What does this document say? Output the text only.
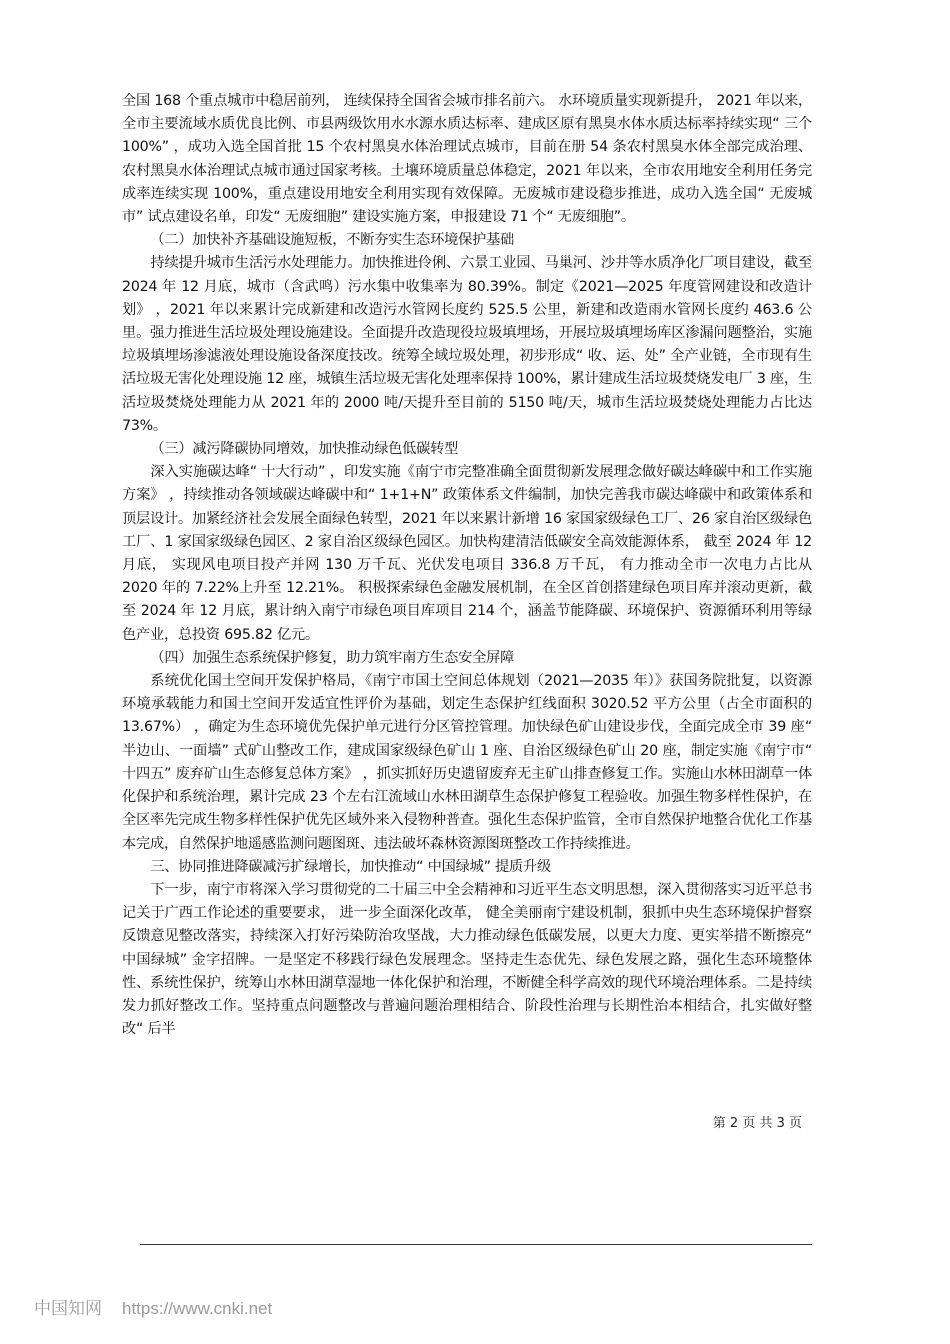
全国 168 个重点城市中稳居前列， 连续保持全国省会城市排名前六。 水环境质量实现新提升， 2021 年以来，全市主要流域水质优良比例、市县两级饮用水水源水质达标率、建成区原有黑臭水体水质达标率持续实现“ 三个 100%” ，成功入选全国首批 15 个农村黑臭水体治理试点城市，目前在册 54 条农村黑臭水体全部完成治理、农村黑臭水体治理试点城市通过国家考核。土壤环境质量总体稳定，2021 年以来，全市农用地安全利用任务完成率连续实现 100%，重点建设用地安全利用实现有效保障。无废城市建设稳步推进，成功入选全国“ 无废城市” 试点建设名单，印发“ 无废细胞” 建设实施方案，申报建设 71 个“ 无废细胞”。

（二）加快补齐基础设施短板，不断夯实生态环境保护基础

持续提升城市生活污水处理能力。加快推进伶俐、六景工业园、马巢河、沙井等水质净化厂项目建设，截至 2024 年 12 月底，城市（含武鸣）污水集中收集率为 80.39%。制定《2021—2025 年度管网建设和改造计划》 ，2021 年以来累计完成新建和改造污水管网长度约 525.5 公里，新建和改造雨水管网长度约 463.6 公里。强力推进生活垃圾处理设施建设。全面提升改造现役垃圾填埋场，开展垃圾填埋场库区渗漏问题整治，实施垃圾填埋场渗滤液处理设施设备深度技改。统筹全域垃圾处理，初步形成“ 收、运、处” 全产业链，全市现有生活垃圾无害化处理设施 12 座，城镇生活垃圾无害化处理率保持 100%，累计建成生活垃圾焚烧发电厂 3 座，生活垃圾焚烧处理能力从 2021 年的 2000 吨/天提升至目前的 5150 吨/天，城市生活垃圾焚烧处理能力占比达 73%。

（三）减污降碳协同增效，加快推动绿色低碳转型

深入实施碳达峰“ 十大行动” ，印发实施《南宁市完整准确全面贯彻新发展理念做好碳达峰碳中和工作实施方案》 ，持续推动各领域碳达峰碳中和“ 1+1+N” 政策体系文件编制，加快完善我市碳达峰碳中和政策体系和顶层设计。加紧经济社会发展全面绿色转型，2021 年以来累计新增 16 家国家级绿色工厂、26 家自治区级绿色工厂、1 家国家级绿色园区、2 家自治区级绿色园区。加快构建清洁低碳安全高效能源体系， 截至 2024 年 12 月底， 实现风电项目投产并网 130 万千瓦、光伏发电项目 336.8 万千瓦， 有力推动全市一次电力占比从 2020 年的 7.22%上升至 12.21%。 积极探索绿色金融发展机制，在全区首创搭建绿色项目库并滚动更新，截至 2024 年 12 月底，累计纳入南宁市绿色项目库项目 214 个，涵盖节能降碳、环境保护、资源循环利用等绿色产业，总投资 695.82 亿元。

（四）加强生态系统保护修复，助力筑牢南方生态安全屏障

系统优化国土空间开发保护格局，《南宁市国土空间总体规划（2021—2035 年）》获国务院批复，以资源环境承载能力和国土空间开发适宜性评价为基础，划定生态保护红线面积 3020.52 平方公里（占全市面积的 13.67%） ，确定为生态环境优先保护单元进行分区管控管理。加快绿色矿山建设步伐，全面完成全市 39 座“ 半边山、一面墙” 式矿山整改工作，建成国家级绿色矿山 1 座、自治区级绿色矿山 20 座，制定实施《南宁市“ 十四五” 废弃矿山生态修复总体方案》 ，抓实抓好历史遗留废弃无主矿山排查修复工作。实施山水林田湖草一体化保护和系统治理，累计完成 23 个左右江流域山水林田湖草生态保护修复工程验收。加强生物多样性保护，在全区率先完成生物多样性保护优先区域外来入侵物种普查。强化生态保护监管，全市自然保护地整合优化工作基本完成，自然保护地遥感监测问题图斑、违法破坏森林资源图斑整改工作持续推进。

三、协同推进降碳减污扩绿增长，加快推动“ 中国绿城” 提质升级

下一步，南宁市将深入学习贯彻党的二十届三中全会精神和习近平生态文明思想，深入贯彻落实习近平总书记关于广西工作论述的重要要求， 进一步全面深化改革， 健全美丽南宁建设机制，狠抓中央生态环境保护督察反馈意见整改落实，持续深入打好污染防治攻坚战，大力推动绿色低碳发展，以更大力度、更实举措不断擦亮“ 中国绿城” 金字招牌。一是坚定不移践行绿色发展理念。坚持走生态优先、绿色发展之路，强化生态环境整体性、系统性保护，统筹山水林田湖草湿地一体化保护和治理，不断健全科学高效的现代环境治理体系。二是持续发力抓好整改工作。坚持重点问题整改与普遍问题治理相结合、阶段性治理与长期性治本相结合，扎实做好整改“ 后半

第 2 页 共 3 页
中国知网 https://www.cnki.net
